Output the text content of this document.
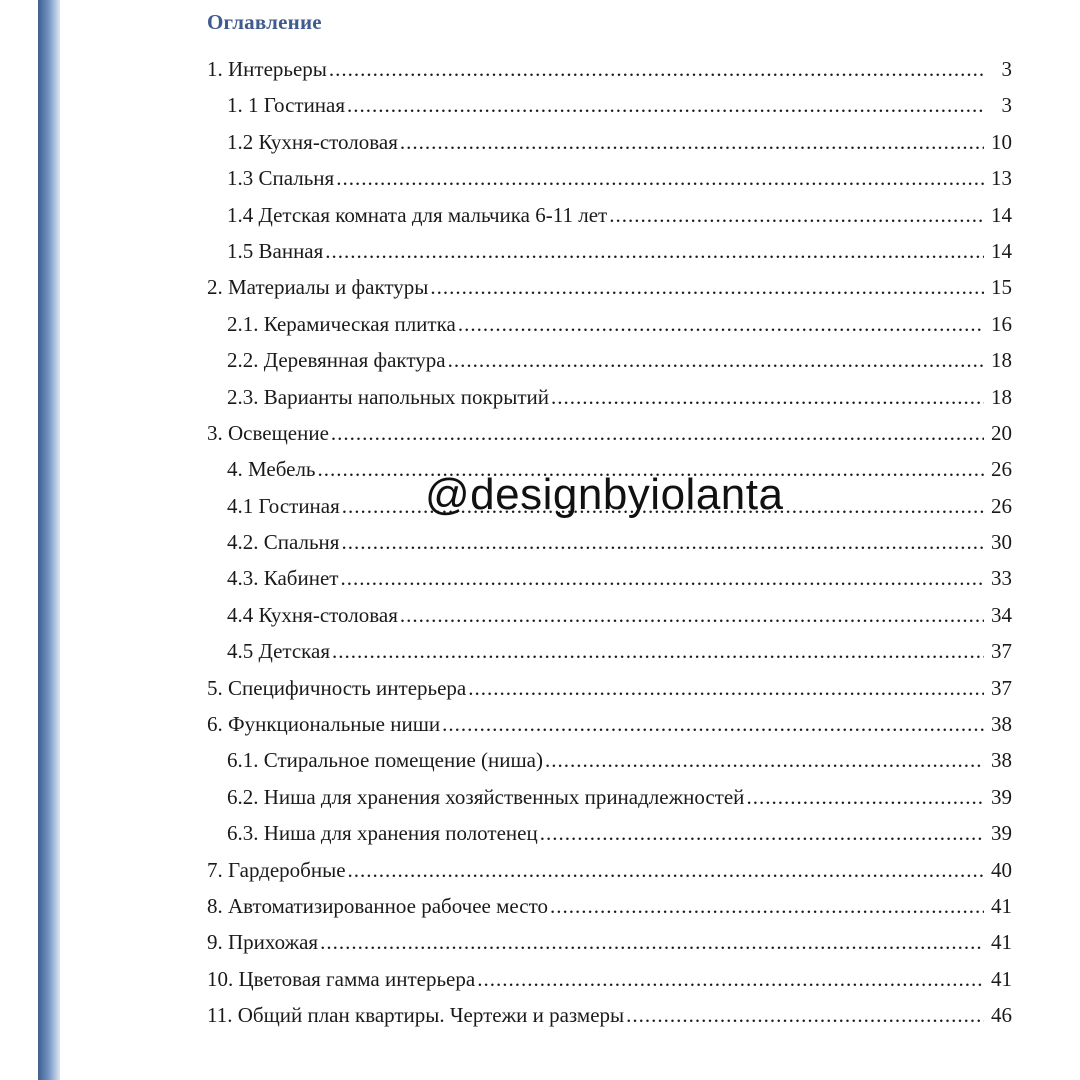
Оглавление
1. Интерьеры .....	3
1. 1 Гостиная .....	3
1.2 Кухня-столовая .....	10
1.3 Спальня .....	13
1.4 Детская комната для мальчика 6-11 лет .....	14
1.5 Ванная .....	14
2. Материалы и фактуры .....	15
2.1. Керамическая плитка .....	16
2.2. Деревянная фактура .....	18
2.3. Варианты напольных покрытий .....	18
3. Освещение .....	20
4. Мебель .....	26
4.1 Гостиная .....	26
4.2. Спальня .....	30
4.3. Кабинет .....	33
4.4 Кухня-столовая .....	34
4.5 Детская .....	37
5. Специфичность интерьера .....	37
6. Функциональные ниши .....	38
6.1. Стиральное помещение (ниша) .....	38
6.2. Ниша для хранения хозяйственных принадлежностей .....	39
6.3. Ниша для хранения полотенец .....	39
7. Гардеробные .....	40
8. Автоматизированное рабочее место .....	41
9. Прихожая .....	41
10. Цветовая гамма интерьера .....	41
11. Общий план квартиры. Чертежи и размеры .....	46
@designbyiolanta
